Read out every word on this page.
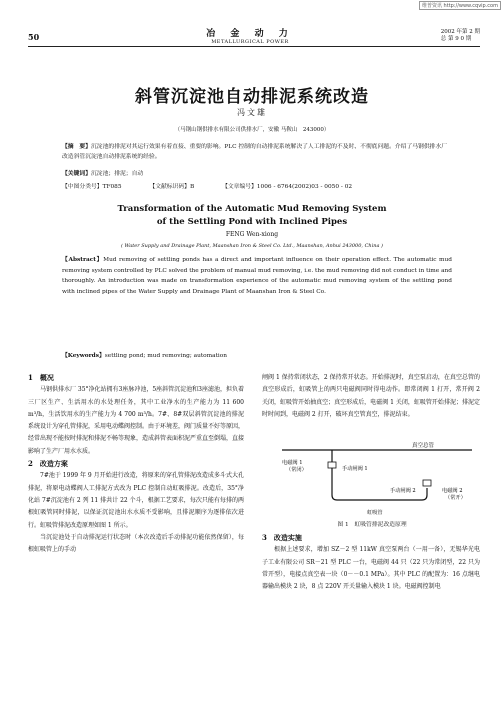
维普资讯 http://www.cqvip.com
50	冶 金 动 力
METALLURGICAL POWER
2002 年第 2 期
总 第 9 0 期
斜管沉淀池自动排泥系统改造
冯文雄
（马钢山钢供排水有限公司供排水厂，安徽 马鞍山　243000）
【摘　要】沉淀池的排泥对其运行效果有着直接、重要的影响。PLC 控制的自动排泥系统解决了人工排泥的不及时、不彻底问题。介绍了马钢供排水厂改造斜管沉淀池自动排泥系统的经验。
【关键词】沉淀池；排泥；自动
【中图分类号】TF085	【文献标识码】B	【文章编号】1006 - 6764(2002)03 - 0050 - 02
Transformation of the Automatic Mud Removing System
of the Settling Pond with Inclined Pipes
FENG Wen-xiong
( Water Supply and Drainage Plant, Maanshan Iron & Steel Co. Ltd., Maanshan, Anhui 243000, China )
【Abstract】Mud removing of settling ponds has a direct and important influence on their operation effect. The automatic mud removing system controlled by PLC solved the problem of manual mud removing, i.e. the mud removing did not conduct in time and thoroughly. An introduction was made on transformation experience of the automatic mud removing system of the settling pond with inclined pipes of the Water Supply and Drainage Plant of Maanshan Iron & Steel Co.
【Keywords】settling pond; mud removing; automation
1　概况

马钢供排水厂 35°净化站拥有3座脉冲池，5座斜管沉淀池和3座滤池，担负着三厂区生产、生活用水的水处理任务，其中工业净水的生产能力为 11 600 m³/h，生活饮用水的生产能力为 4 700 m³/h。7#、8#双层斜管沉淀池的排泥系统设计为穿孔管排泥，采用电动蝶阀控制。由于环境差，阀门质量不好等原因，经常出现不能按时排泥和排泥不畅等现象，造成斜管表面积泥严重直至倒塌，直接影响了生产厂用水水质。

2　改造方案

7#池于 1999 年 9 月开始进行改造，将原来的穿孔管排泥改造成多斗式大孔排泥，将原电动蝶阀人工排泥方式改为 PLC 控制自动虹吸排泥。改造后，35°净化站 7#沉淀池有 2 列 11 排共计 22 个斗，根据工艺要求，每次只能有每排的两根虹吸管同时排泥，以保证沉淀池出水水质不受影响，且排泥顺序为逐排依次进行。虹吸管排泥改造原理如图 1 所示。

当沉淀池处于自动排泥运行状态时（本次改造后手动排泥功能依然保留），每根虹吸管上的手动

闸阀 1 保持常闭状态，2 保持常开状态。开始排泥时，真空泵启动，在真空总管的真空形成后，虹吸管上的两只电磁阀同时得电动作。即常闭阀 1 打开，常开阀 2 关闭，虹吸管开始抽真空；真空形成后，电磁阀 1 关闭，虹吸管开始排泥；排泥定时时间到，电磁阀 2 打开，破坏真空管真空，排泥结束。

真空总管
电磁阀 1
（常闭）	手动闸阀 1
手动闸阀 2	电磁阀 2
（常开）
虹吸管
图 1　虹吸管排泥改造原理
3　改造实施

根据上述要求，增加 SZ－2 型 11kW 真空泵两台（一用一备），无锡华光电子工业有限公司 SR－21 型 PLC 一台，电磁阀 44 只（22 只为常闭型，22 只为常开型），电接点真空表一块（0－－0.1 MPa）。其中 PLC 的配置为：16 点继电器输出模块 2 块，8 点 220V 开关量输入模块 1 块。电磁阀控制电
